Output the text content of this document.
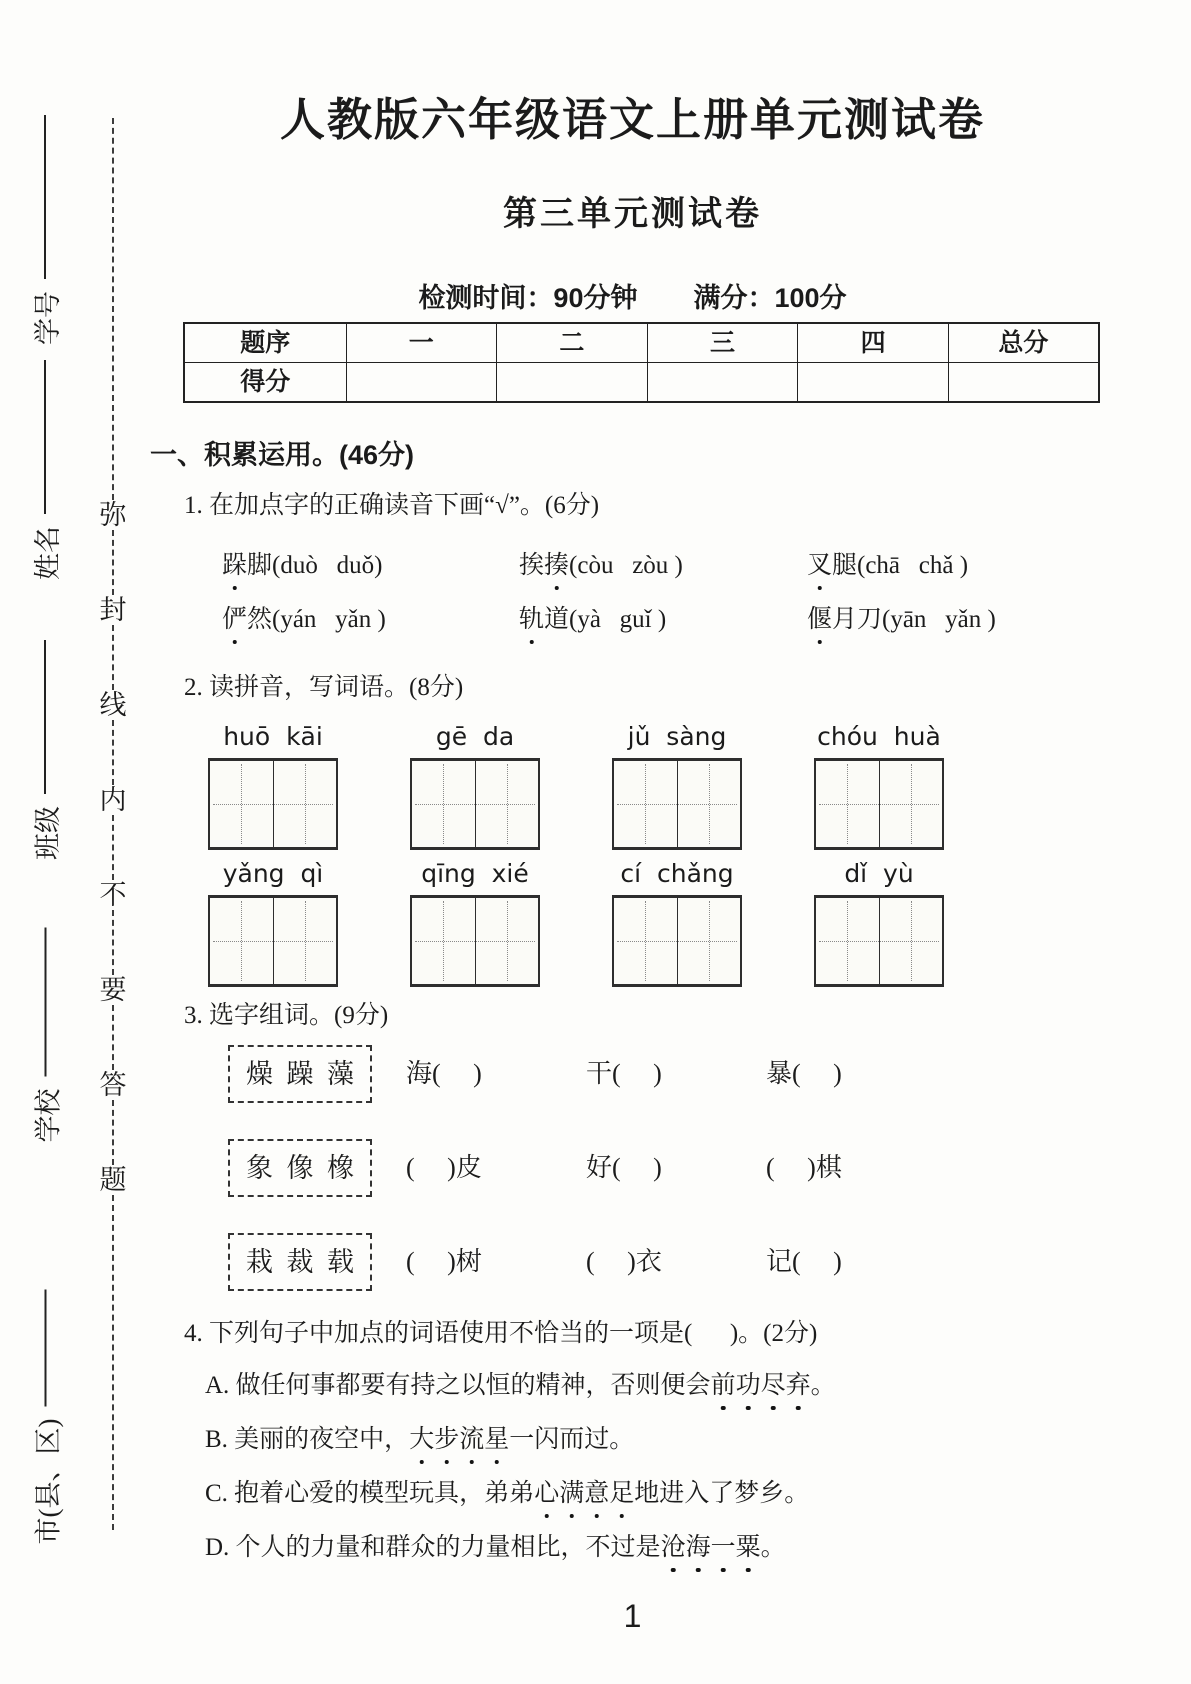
学号
姓名
班级
学校
市(县、区)
弥
封
线
内
不
要
答
题
人教版六年级语文上册单元测试卷
第三单元测试卷
检测时间：90分钟 满分：100分
题序	一	二	三	四	总分
得分					
一、积累运用。(46分)
1. 在加点字的正确读音下画“√”。(6分)
跺脚(duò   duǒ)	挨揍(còu   zòu )	叉腿(chā   chǎ )
俨然(yán   yǎn )	轨道(yà   guǐ )	偃月刀(yān   yǎn )
2. 读拼音，写词语。(8分)
huō  kāi	gē  da	jǔ  sàng	chóu  huà
yǎng  qì	qīng  xié	cí  chǎng	dǐ  yù
3. 选字组词。(9分)
燥  躁  藻	海(     )	干(     )	暴(     )
象  像  橡	(     )皮	好(     )	(     )棋
栽  裁  载	(     )树	(     )衣	记(     )
4. 下列句子中加点的词语使用不恰当的一项是(      )。(2分)
A. 做任何事都要有持之以恒的精神，否则便会前功尽弃。
B. 美丽的夜空中，大步流星一闪而过。
C. 抱着心爱的模型玩具，弟弟心满意足地进入了梦乡。
D. 个人的力量和群众的力量相比，不过是沧海一粟。
1
